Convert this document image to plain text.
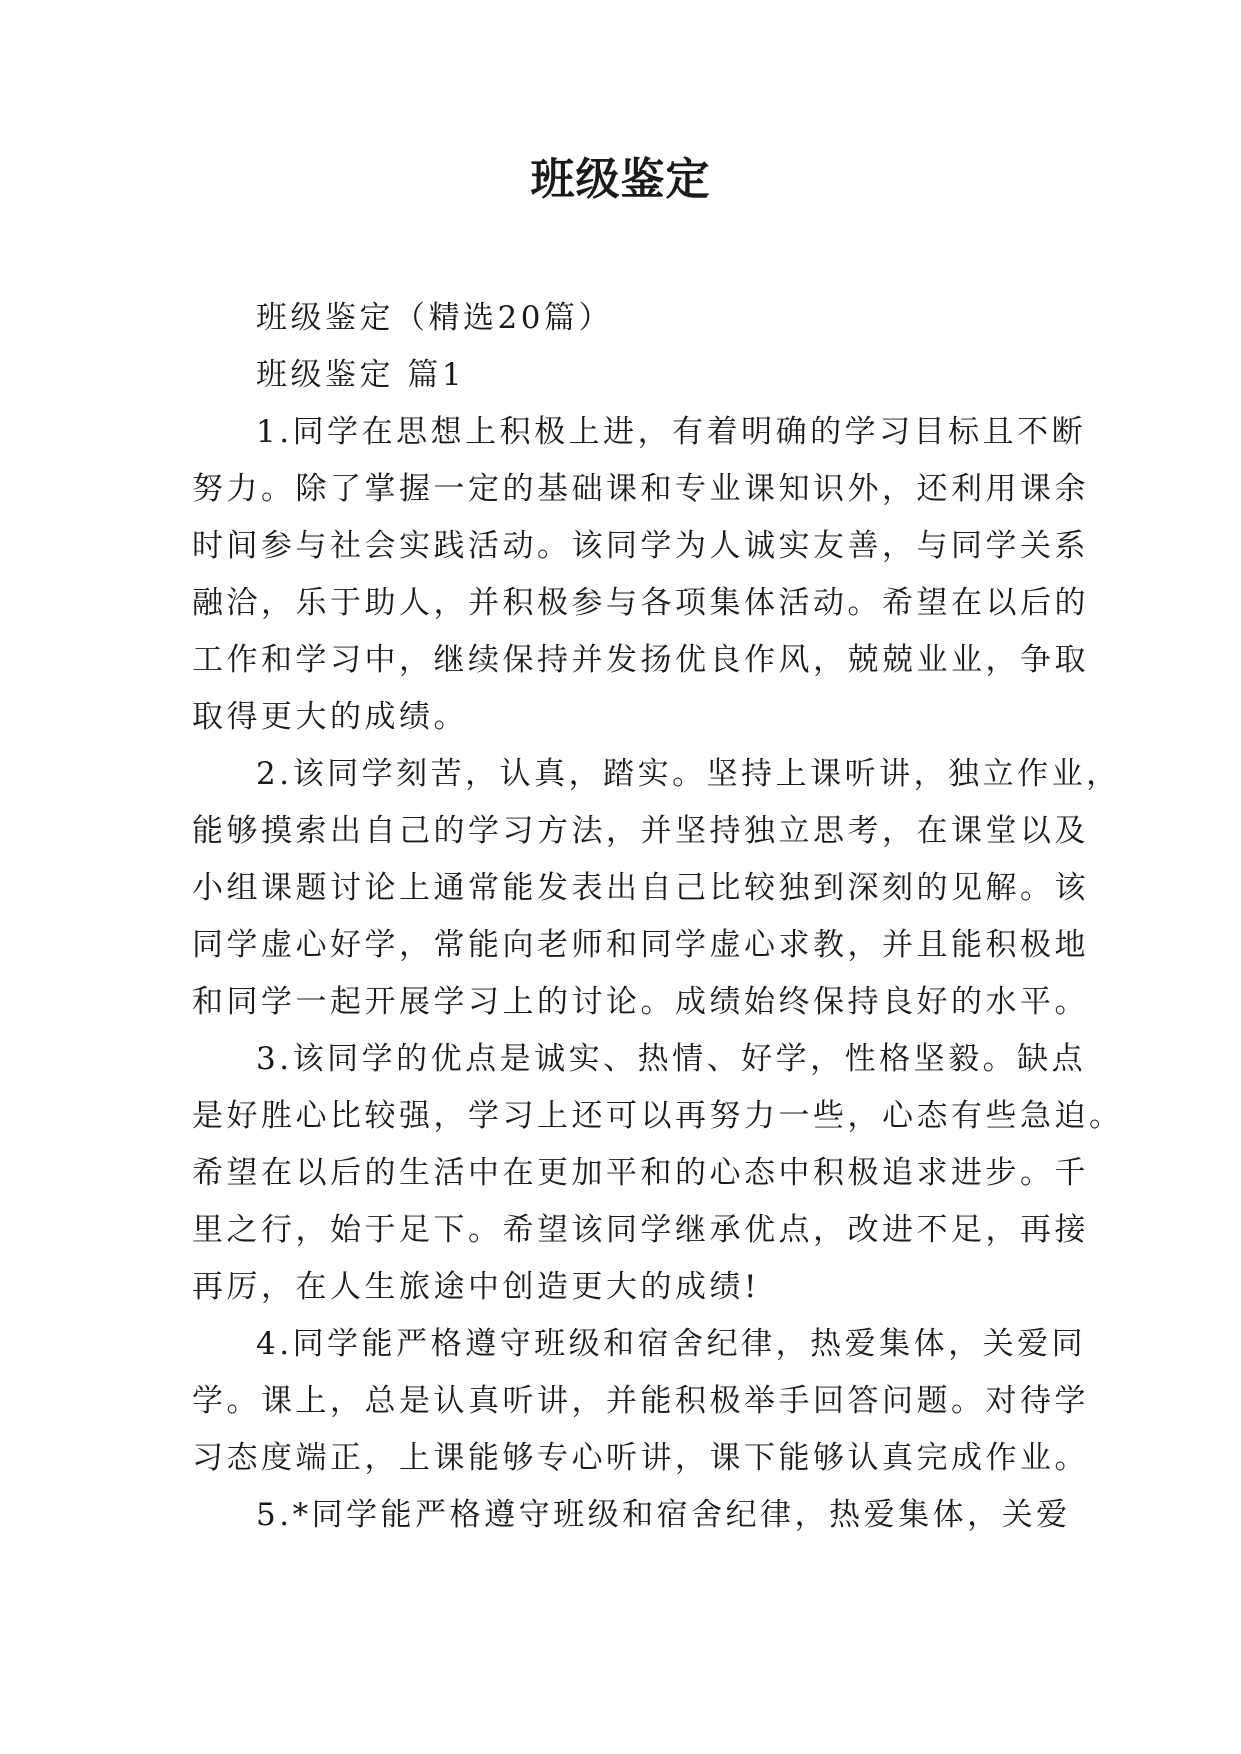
班级鉴定

班级鉴定（精选20篇）

班级鉴定 篇1

1.同学在思想上积极上进，有着明确的学习目标且不断

努力。除了掌握一定的基础课和专业课知识外，还利用课余

时间参与社会实践活动。该同学为人诚实友善，与同学关系

融洽，乐于助人，并积极参与各项集体活动。希望在以后的

工作和学习中，继续保持并发扬优良作风，兢兢业业，争取

取得更大的成绩。

2.该同学刻苦，认真，踏实。坚持上课听讲，独立作业，

能够摸索出自己的学习方法，并坚持独立思考，在课堂以及

小组课题讨论上通常能发表出自己比较独到深刻的见解。该

同学虚心好学，常能向老师和同学虚心求教，并且能积极地

和同学一起开展学习上的讨论。成绩始终保持良好的水平。

3.该同学的优点是诚实、热情、好学，性格坚毅。缺点

是好胜心比较强，学习上还可以再努力一些，心态有些急迫。

希望在以后的生活中在更加平和的心态中积极追求进步。千

里之行，始于足下。希望该同学继承优点，改进不足，再接

再厉，在人生旅途中创造更大的成绩!

4.同学能严格遵守班级和宿舍纪律，热爱集体，关爱同

学。课上，总是认真听讲，并能积极举手回答问题。对待学

习态度端正，上课能够专心听讲，课下能够认真完成作业。

5.*同学能严格遵守班级和宿舍纪律，热爱集体，关爱
